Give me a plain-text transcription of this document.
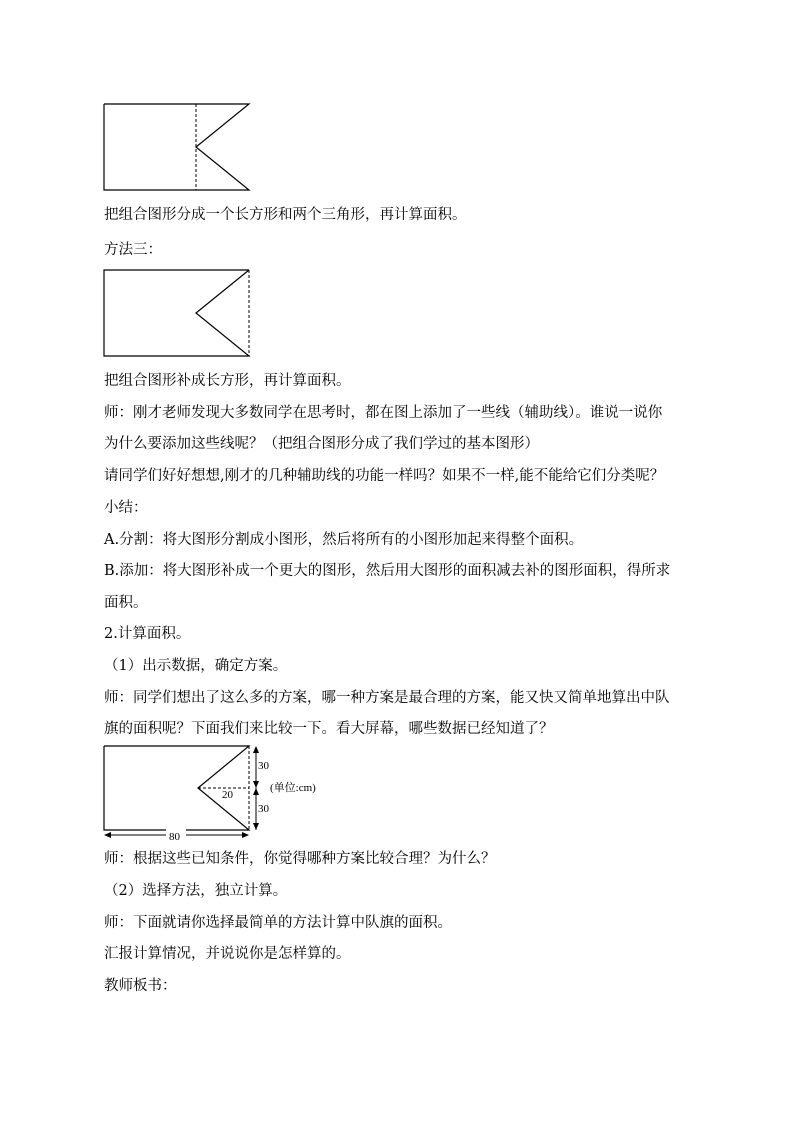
把组合图形分成一个长方形和两个三角形，再计算面积。

方法三：

把组合图形补成长方形，再计算面积。

师：刚才老师发现大多数同学在思考时，都在图上添加了一些线（辅助线）。谁说一说你

为什么要添加这些线呢？（把组合图形分成了我们学过的基本图形）

请同学们好好想想,刚才的几种辅助线的功能一样吗？如果不一样,能不能给它们分类呢？

小结：

A.分割：将大图形分割成小图形，然后将所有的小图形加起来得整个面积。

B.添加：将大图形补成一个更大的图形，然后用大图形的面积减去补的图形面积，得所求

面积。

2.计算面积。

（1）出示数据，确定方案。

师：同学们想出了这么多的方案，哪一种方案是最合理的方案，能又快又简单地算出中队

旗的面积呢？下面我们来比较一下。看大屏幕，哪些数据已经知道了？

30
30
20
(单位:cm)
80

师：根据这些已知条件，你觉得哪种方案比较合理？为什么？

（2）选择方法，独立计算。

师：下面就请你选择最简单的方法计算中队旗的面积。

汇报计算情况，并说说你是怎样算的。

教师板书：
